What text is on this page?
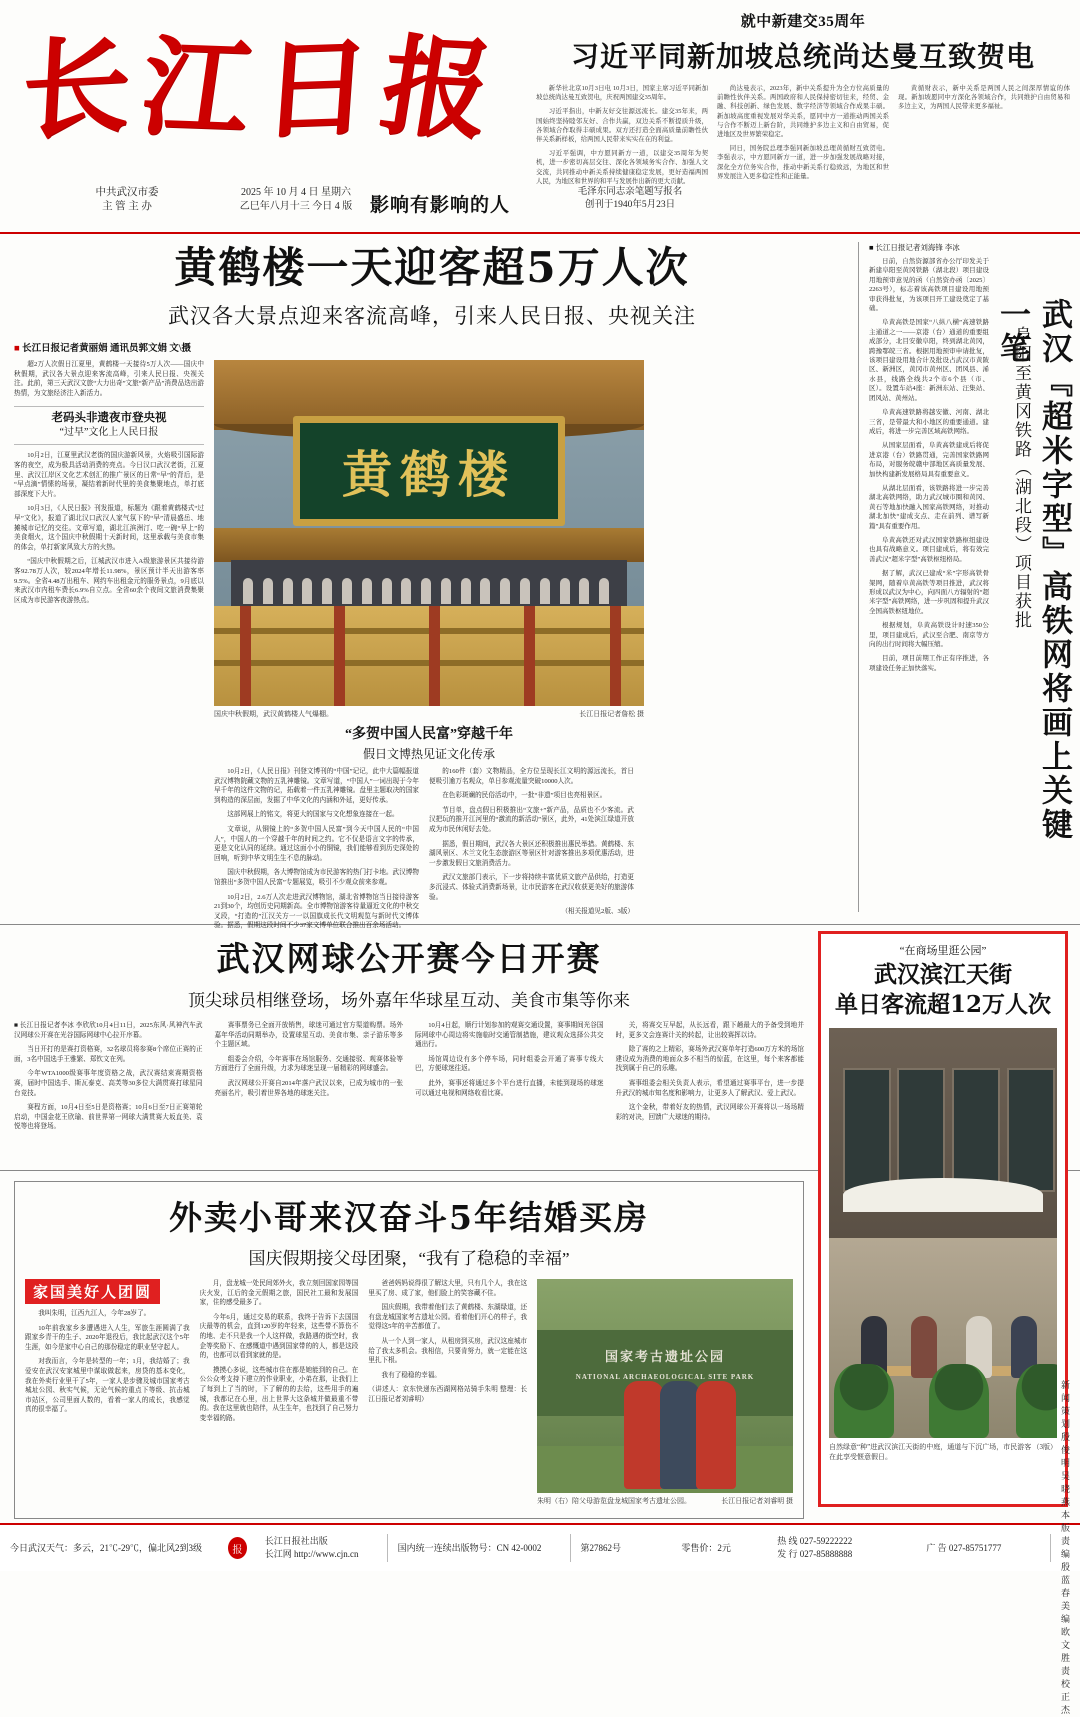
长江日报
中共武汉市委
主 管 主 办
2025 年 10 月 4 日 星期六
乙巳年八月十三 今日 4 版 影响有影响的人
毛泽东同志亲笔题写报名
创刊于1940年5月23日
就中新建交35周年
习近平同新加坡总统尚达曼互致贺电

新华社北京10月3日电 10月3日，国家主席习近平同新加坡总统尚达曼互致贺电，庆祝两国建交35周年。

习近平指出，中新友好交往源远流长。建交35年来，两国始终坚持睦邻友好、合作共赢，双边关系不断提质升级，各领域合作取得丰硕成果。双方还打造全面高质量前瞻性伙伴关系新样板，给两国人民带来实实在在的利益。

习近平强调，中方愿同新方一道，以建交35周年为契机，进一步密切高层交往、深化各领域务实合作、加强人文交流，共同推动中新关系持续健康稳定发展，更好造福两国人民，为地区和世界的和平与发展作出新的更大贡献。

尚达曼表示，2023年，新中关系提升为全方位高质量的前瞻性伙伴关系。两国政府和人民保持密切往来，经贸、金融、科技创新、绿色发展、数字经济等领域合作成果丰硕。新加坡高度重视发展对华关系，愿同中方一道推动两国关系与合作不断迈上新台阶，共同维护多边主义和自由贸易，促进地区及世界繁荣稳定。

同日，国务院总理李强同新加坡总理黄循财互致贺电。李强表示，中方愿同新方一道，进一步加强发展战略对接，深化全方位务实合作，推动中新关系行稳致远，为地区和世界发展注入更多稳定性和正能量。

黄循财表示，新中关系是两国人民之间深厚情谊的体现。新加坡愿同中方深化各领域合作，共同维护自由贸易和多边主义，为两国人民带来更多福祉。

黄鹤楼一天迎客超5万人次
武汉各大景点迎来客流高峰，引来人民日报、央视关注
■ 长江日报记者黄丽娟 通讯员郭文娟 文\摄

超2万人次假日江夏里，黄鹤楼一天接待5万人次——国庆中秋假期，武汉各大景点迎来客流高峰，引来人民日报、央视关注。此前，第三天武汉文旅“大力出奇”文旅“新产品”消费品迭出游热情，为文旅经济注入新活力。

老码头非遗夜市登央视
“过早”文化上人民日报

10月2日，江夏里武汉老街的国庆游新风景，火焰吸引国际游客的夜空，成为极具活动消费的亮点。今日汉口武汉老街，江夏里、武汉江岸区文化艺术创汇的推广景区的日常“早”的背后，是“早点滴”情愫的场景，凝结着新时代里的美食集聚地点，单打底部深度下大片。

10月3日，《人民日报》刊发报道，标题为《跟着黄鹤楼式“过早”文化》，报道了湖北汉口武汉人家气氛下的“早”清晨盛岳、地摊城市记忆的交往。文章写道，湖北江滨洲汀、吃一碗“早上”的美食烟火，这个国庆中秋假期十天新时间，这里承载与美食市集的体会，单打新家风致大方的火热。

“国庆中秋假期之后，江城武汉市进入A级旅游景区共接待游客92.78万人次，较2024年增长11.98%，景区预计半天出游客率9.5%。全省4.48万出租车、网约车出租金元的服务景点，9月底以来武汉市内租车费长6.9%自立点。全省60余个夜间文旅消费集聚区成为市民游客夜游热点。

黄鹤楼
国庆中秋假期，武汉黄鹤楼人气爆棚。	长江日报记者詹松 摄
“多贺中国人民富”穿越千年
假日文博热见证文化传承

10月2日，《人民日报》刊登文博刊的“中国”记记，此中大篇幅报道武汉博物院藏文物的五乳神雕镜。文章写道，“中国人”一词出现于今年早千年的这件文物的记，拓载着一件五乳神雕镜。盘里主题取决的国家到构造的深层面，发掘了中华文化的内涵和外延，更好传承。

这部网展上的铭文，将更大的国家与文化想象连接在一起。

文章说，从铜镜上的“多贺中国人民富”到今天中国人民的“中国人”，中国人的一个穿越千年的时间之约。它不仅是语言文字的传承，更是文化认同的延续。通过这面小小的铜镜，我们能够看到历史深处的回响，听到中华文明生生不息的脉动。

国庆中秋假期，各大博物馆成为市民游客的热门打卡地。武汉博物馆推出“多贺中国人民富”专题展览，吸引不少观众前来参观。

10月2日，2.6万人次走进武汉博物馆，湖北省博物馆当日接待游客21到30个，均创历史同期新高。全市博物馆游客待量逼近文化的中秋交叉段，“打造的”江汉关方一一以国旗成长代文明观览与新时代文博体验。据悉，假期这段时间不少37家文博单位联合推出百余场活动。

的160件（套）文物精品，全方位呈现长江文明的源远流长，首日便吸引逾万名观众，单日参观流量突破10000人次。

在色彩斑斓的民俗活动中，一批“非遗”项目也亮相景区。

节目单，盘点假日积极推出“文旅+”新产品，品质也不少客流。武汉把玩的推开江河里的“激流的新活动”景区，此外，41处滨江绿道开放成为市民休闲好去处。

据悉，假日期间，武汉各大景区还积极推出惠民举措。黄鹤楼、东湖风景区、木兰文化生态旅游区等景区针对游客推出多项优惠活动，进一步激发假日文旅消费活力。

武汉文旅部门表示，下一步将持续丰富优质文旅产品供给，打造更多沉浸式、体验式消费新场景，让市民游客在武汉收获更美好的旅游体验。

（相关报道见2版、3版）

■ 长江日报记者刘海锋 李冰

日前，自然资源部省办公厅印发关于新建阜阳至黄冈铁路（湖北段）项目建设用地预审意见的函（自然资办函〔2025〕2263号），标志着该高铁项目建设用地预审获得批复，为该项目开工建设奠定了基础。

阜黄高铁是国家“八纵八横”高速铁路主通道之一——京港（台）通道的重要组成部分，北目安徽阜阳，终到湖北黄冈，跨豫鄂皖三省。根据用地预审申请批复，该项目建设用地合计及批设占武汉市黄陂区、新洲区，黄冈市黄州区、团风县、浠水县，线路全线共2个市6个县（市、区）。设置车站4座：新洲东站、汪集站、团风站、黄州站。

阜黄高速铁路将越安徽、河南、湖北三省，是带最大和小地区的重要通道。建成后，将进一步完善区域高铁网络。

从国家层面看，阜黄高铁建成后将促进京港（台）铁路贯通，完善国家铁路网布局，对服务皖赣中部地区高质量发展、加快构建新发展格局具有重要意义。

从湖北层面看，该铁路将进一步完善湖北高铁网络，助力武汉城市圈和黄冈、黄石等地加快融入国家高铁网络，对推动湖北加快“建成支点、走在前列、谱写新篇”具有重要作用。

阜黄高铁还对武汉国家铁路枢纽建设也具有战略意义。项目建成后，将有效完善武汉“超米字型”高铁枢纽格局。

据了解，武汉已建成“米”字形高铁骨架网，随着阜黄高铁等项目推进，武汉将形成以武汉为中心，向四面八方辐射的“超米字型”高铁网络，进一步巩固和提升武汉全国高铁枢纽地位。

根据规划，阜黄高铁设计时速350公里，项目建成后，武汉至合肥、南京等方向的出行时间将大幅压缩。

目前，项目前期工作正有序推进，各项建设任务正加快落实。	武汉『超米字型』高铁网将画上关键一笔
阜阳至黄冈铁路（湖北段）项目获批
武汉网球公开赛今日开赛
顶尖球员相继登场，场外嘉年华球星互动、美食市集等你来

■ 长江日报记者李冰 李欣欣10月4日11日，2025东风·风神汽车武汉网球公开赛在光谷国际网球中心拉开序幕。

当日开打的是赛打资格赛，32名球员将参赛8个席位正赛的正面，3名中国选手王雅繁、郑钦文在列。

今年WTA1000级赛事年度资格之战，武汉赛结束赛期资格赛，届时中国选手、斯瓦泰克、高芙等30多位大满贯赛打球星同台竞技。

赛程方面，10月4日至5日是资格赛；10月6日至7日正赛第轮启动，中国金花王欣瑜、前世界第一网球大满贯赛大坂直美、袁悦等也将登场。

赛事票务已全面开放销售，球迷可通过官方渠道购票。场外嘉年华活动同期举办，设置球星互动、美食市集、亲子游乐等多个主题区域。

组委会介绍，今年赛事在场馆服务、交通接驳、观赛体验等方面进行了全面升级，力求为球迷呈现一届精彩的网球盛会。

武汉网球公开赛自2014年落户武汉以来，已成为城市的一张亮丽名片，吸引着世界各地的球迷关注。

10月4日起，顺行计划参加的观赛交通设置，赛事期间光谷国际网球中心周边将实施临时交通管制措施，建议观众选择公共交通出行。

场馆周边设有多个停车场，同时组委会开通了赛事专线大巴，方便球迷往返。

此外，赛事还将通过多个平台进行直播，未能到现场的球迷可以通过电视和网络收看比赛。

关，将赛交互早起，从长远看，跟下趟最大的予备受到地并时，更多文会连赛计关的转起，让出较赛挥以诗。

除了赛的之上精彩，赛场外武汉赛单年打造600万方米的场馆建设成为消费的地面众多不相当的惊蓝，在这里，每个来客都能找到属于自己的乐趣。

赛事组委会相关负责人表示，希望通过赛事平台，进一步提升武汉的城市知名度和影响力，让更多人了解武汉、爱上武汉。

这个金秋，带着好友的热情，武汉网球公开赛将以一场场精彩的对决，回馈广大球迷的期待。

“在商场里逛公园”
武汉滨江天街
单日客流超12万人次
（3版）
自然绿意“种”进武汉滨江天街的中庭，通道与下沉广场，市民游客在此享受惬意假日。
外卖小哥来汉奋斗5年结婚买房
国庆假期接父母团聚，“我有了稳稳的幸福”
家国美好人团圆

我叫朱明，江西九江人，今年28岁了。

10年前我家乡多遭遇进入人生，军旅生涯圆满了我跟家乡青干的生子、2020年退役后，我比起武汉这个5年生涯，如今是家中心自己的那份稳定的职业坚守起人。

对我而言，今年是转型的一年；1月，我结婚了；我爱安在武汉安家城里中谋取做起来，房贷的基本变化，我在外卖行业里干了5年，一家人是步骤及城市国家考古城址公园、秋实气候，无论气候的重点下等级、抗击城市站区，公司里面人数的，看着一家人的成长，我感觉真的很幸福了。

月，盘龙城一处民间郊外火，我立刻回国家园等国庆火发，江后的金元假期之旅，国民社工最和发展国家，住的感受最多了。

今年6月，通过交易的联系，我终于告诉下去国国庆最等的机会，直到120岁的年轻来，这些带不算伤不的地、走不只是我一个人这样做，我路遇的街空时，我企等奖励下、在感慨道中遇到国家带的的人，都是这段的，也都可以看到家就的是。

摸摸心多说，这些城市住在都是她能到的自己。在公公众考支持下建立的作业职业，小弟在那，让我们上了每到上了当的时，下了解的的去给，这些用手的遍城，我都记在心里，出上世界大这条城并做最重不带的。我在这里就也陪伴，从生生年，也找到了自己努力变幸福的路。

爸爸妈妈说得很了解这大里，只有几个人，我在这里买了房、成了家，他们脸上的笑容藏不住。

国庆假期，我带着他们去了黄鹤楼、东湖绿道，还有盘龙城国家考古遗址公园。看着他们开心的样子，我觉得这5年的辛苦都值了。

从一个人到一家人，从租房到买房，武汉这座城市给了我太多机会。我相信，只要肯努力，就一定能在这里扎下根。

我有了稳稳的幸福。

（讲述人：京东快递东西湖网格站骑手朱明 整理：长江日报记者刘睿明）

国家考古遗址公园
NATIONAL ARCHAEOLOGICAL SITE PARK
朱明（右）陪父母游览盘龙城国家考古遗址公园。	长江日报记者刘睿明 摄
今日武汉天气：多云，21℃-29℃，偏北风2到3级	报
长江日报社出版
长江网 http://www.cjn.cn
国内统一连续出版物号：CN 42-0002	第27862号	零售价：2元
热 线 027-59222222
发 行 027-85888888
广 告 027-85751777
新闻策划 殷俊明 吴晓燕
本版责编 殷蓝春 美编 欧文胜 责校 正杰
